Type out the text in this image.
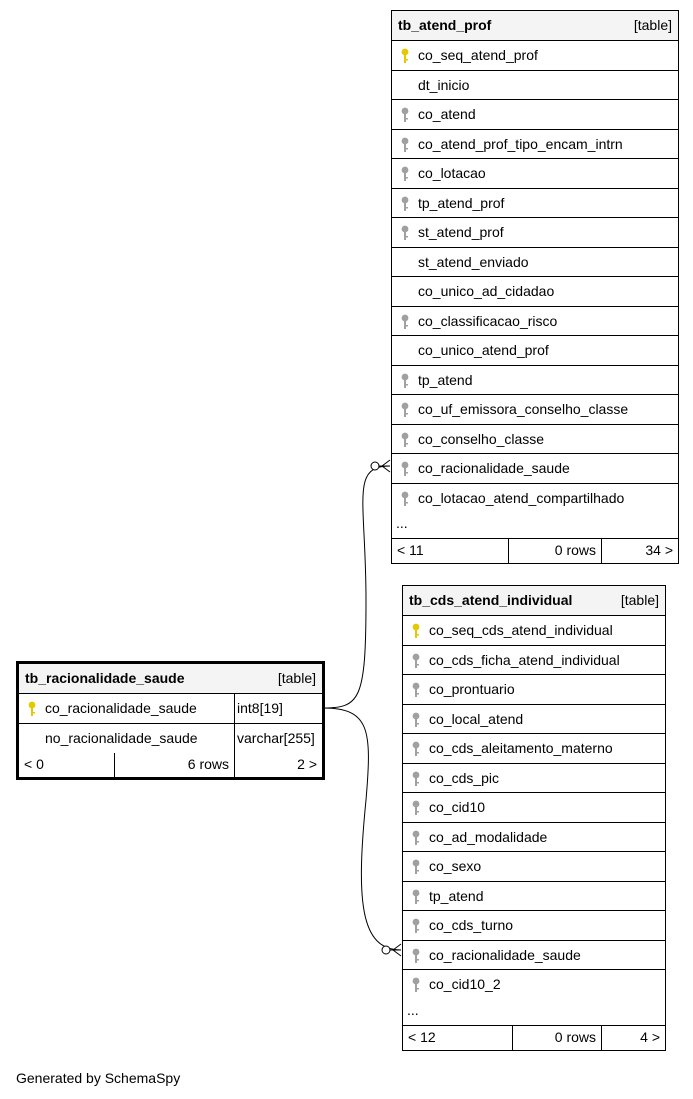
tb_atend_prof	[table]
co_seq_atend_prof
dt_inicio
co_atend
co_atend_prof_tipo_encam_intrn
co_lotacao
tp_atend_prof
st_atend_prof
st_atend_enviado
co_unico_ad_cidadao
co_classificacao_risco
co_unico_atend_prof
tp_atend
co_uf_emissora_conselho_classe
co_conselho_classe
co_racionalidade_saude
co_lotacao_atend_compartilhado
...
< 11	0 rows	34 >
tb_cds_atend_individual	[table]
co_seq_cds_atend_individual
co_cds_ficha_atend_individual
co_prontuario
co_local_atend
co_cds_aleitamento_materno
co_cds_pic
co_cid10
co_ad_modalidade
co_sexo
tp_atend
co_cds_turno
co_racionalidade_saude
co_cid10_2
...
< 12	0 rows	4 >
tb_racionalidade_saude	[table]
co_racionalidade_saude	int8[19]
no_racionalidade_saude	varchar[255]
< 0	6 rows	2 >
Generated by SchemaSpy
